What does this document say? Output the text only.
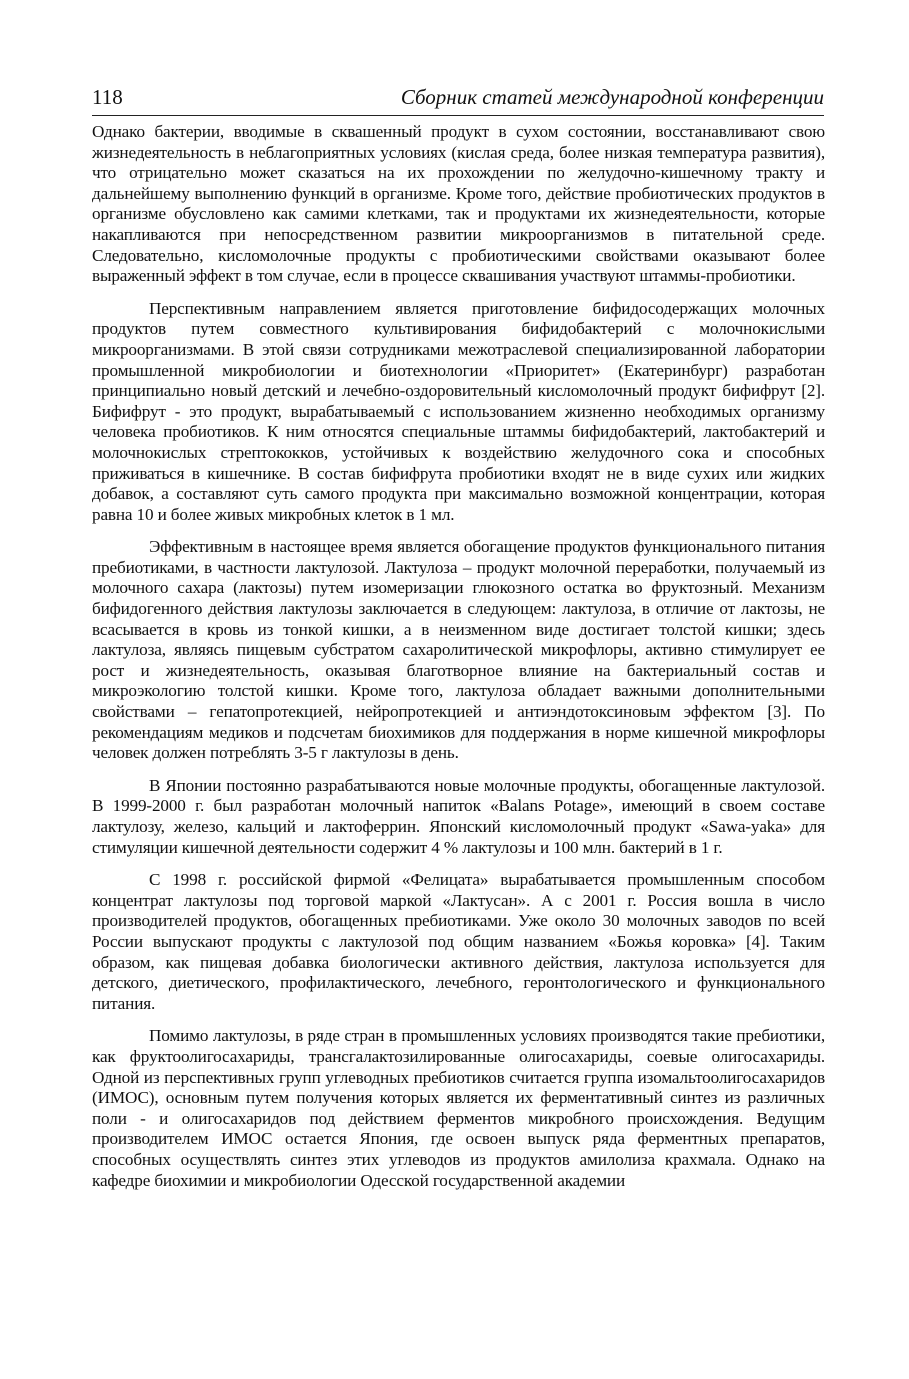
118	Сборник статей международной конференции

Однако бактерии, вводимые в сквашенный продукт в сухом состоянии, восстанавливают свою жизнедеятельность в неблагоприятных условиях (кислая среда, более низкая температура развития), что отрицательно может сказаться на их прохождении по желудочно-кишечному тракту и дальнейшему выполнению функций в организме. Кроме того, действие пробиотических продуктов в организме обусловлено как самими клетками, так и продуктами их жизнедеятельности, которые накапливаются при непосредственном развитии микроорганизмов в питательной среде. Следовательно, кисломолочные продукты с пробиотическими свойствами оказывают более выраженный эффект в том случае, если в процессе сквашивания участвуют штаммы-пробиотики.

Перспективным направлением является приготовление бифидосодержащих молочных продуктов путем совместного культивирования бифидобактерий с молочнокислыми микроорганизмами. В этой связи сотрудниками межотраслевой специализированной лаборатории промышленной микробиологии и биотехнологии «Приоритет» (Екатеринбург) разработан принципиально новый детский и лечебно-оздоровительный кисломолочный продукт бифифрут [2]. Бифифрут - это продукт, вырабатываемый с использованием жизненно необходимых организму человека пробиотиков. К ним относятся специальные штаммы бифидобактерий, лактобактерий и молочнокислых стрептококков, устойчивых к воздействию желудочного сока и способных приживаться в кишечнике. В состав бифифрута пробиотики входят не в виде сухих или жидких добавок, а составляют суть самого продукта при максимально возможной концентрации, которая равна 10 и более живых микробных клеток в 1 мл.

Эффективным в настоящее время является обогащение продуктов функционального питания пребиотиками, в частности лактулозой. Лактулоза – продукт молочной переработки, получаемый из молочного сахара (лактозы) путем изомеризации глюкозного остатка во фруктозный. Механизм бифидогенного действия лактулозы заключается в следующем: лактулоза, в отличие от лактозы, не всасывается в кровь из тонкой кишки, а в неизменном виде достигает толстой кишки; здесь лактулоза, являясь пищевым субстратом сахаролитической микрофлоры, активно стимулирует ее рост и жизнедеятельность, оказывая благотворное влияние на бактериальный состав и микроэкологию толстой кишки. Кроме того, лактулоза обладает важными дополнительными свойствами – гепатопротекцией, нейропротекцией и антиэндотоксиновым эффектом [3]. По рекомендациям медиков и подсчетам биохимиков для поддержания в норме кишечной микрофлоры человек должен потреблять 3-5 г лактулозы в день.

В Японии постоянно разрабатываются новые молочные продукты, обогащенные лактулозой. В 1999-2000 г. был разработан молочный напиток «Balans Potage», имеющий в своем составе лактулозу, железо, кальций и лактоферрин. Японский кисломолочный продукт «Sawa-yaka» для стимуляции кишечной деятельности содержит 4 % лактулозы и 100 млн. бактерий в 1 г.

С 1998 г. российской фирмой «Фелицата» вырабатывается промышленным способом концентрат лактулозы под торговой маркой «Лактусан». А с 2001 г. Россия вошла в число производителей продуктов, обогащенных пребиотиками. Уже около 30 молочных заводов по всей России выпускают продукты с лактулозой под общим названием «Божья коровка» [4]. Таким образом, как пищевая добавка биологически активного действия, лактулоза используется для детского, диетического, профилактического, лечебного, геронтологического и функционального питания.

Помимо лактулозы, в ряде стран в промышленных условиях производятся такие пребиотики, как фруктоолигосахариды, трансгалактозилированные олигосахариды, соевые олигосахариды. Одной из перспективных групп углеводных пребиотиков считается группа изомальтоолигосахаридов (ИМОС), основным путем получения которых является их ферментативный синтез из различных поли - и олигосахаридов под действием ферментов микробного происхождения. Ведущим производителем ИМОС остается Япония, где освоен выпуск ряда ферментных препаратов, способных осуществлять синтез этих углеводов из продуктов амилолиза крахмала. Однако на кафедре биохимии и микробиологии Одесской государственной академии
